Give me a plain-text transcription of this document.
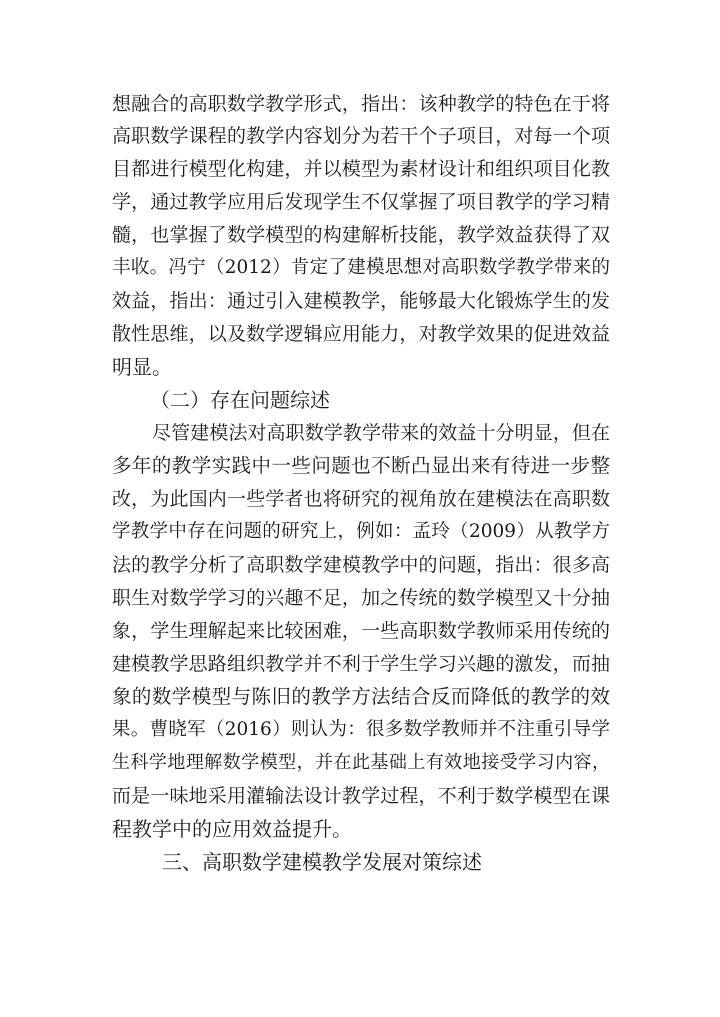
想融合的高职数学教学形式，指出：该种教学的特色在于将
高职数学课程的教学内容划分为若干个子项目，对每一个项
目都进行模型化构建，并以模型为素材设计和组织项目化教
学，通过教学应用后发现学生不仅掌握了项目教学的学习精
髓，也掌握了数学模型的构建解析技能，教学效益获得了双
丰收。冯宁（2012）肯定了建模思想对高职数学教学带来的
效益，指出：通过引入建模教学，能够最大化锻炼学生的发
散性思维，以及数学逻辑应用能力，对教学效果的促进效益
明显。
（二）存在问题综述
尽管建模法对高职数学教学带来的效益十分明显，但在
多年的教学实践中一些问题也不断凸显出来有待进一步整
改，为此国内一些学者也将研究的视角放在建模法在高职数
学教学中存在问题的研究上，例如：孟玲（2009）从教学方
法的教学分析了高职数学建模教学中的问题，指出：很多高
职生对数学学习的兴趣不足，加之传统的数学模型又十分抽
象，学生理解起来比较困难，一些高职数学教师采用传统的
建模教学思路组织教学并不利于学生学习兴趣的激发，而抽
象的数学模型与陈旧的教学方法结合反而降低的教学的效
果。曹晓军（2016）则认为：很多数学教师并不注重引导学
生科学地理解数学模型，并在此基础上有效地接受学习内容，
而是一味地采用灌输法设计教学过程，不利于数学模型在课
程教学中的应用效益提升。
三、高职数学建模教学发展对策综述
